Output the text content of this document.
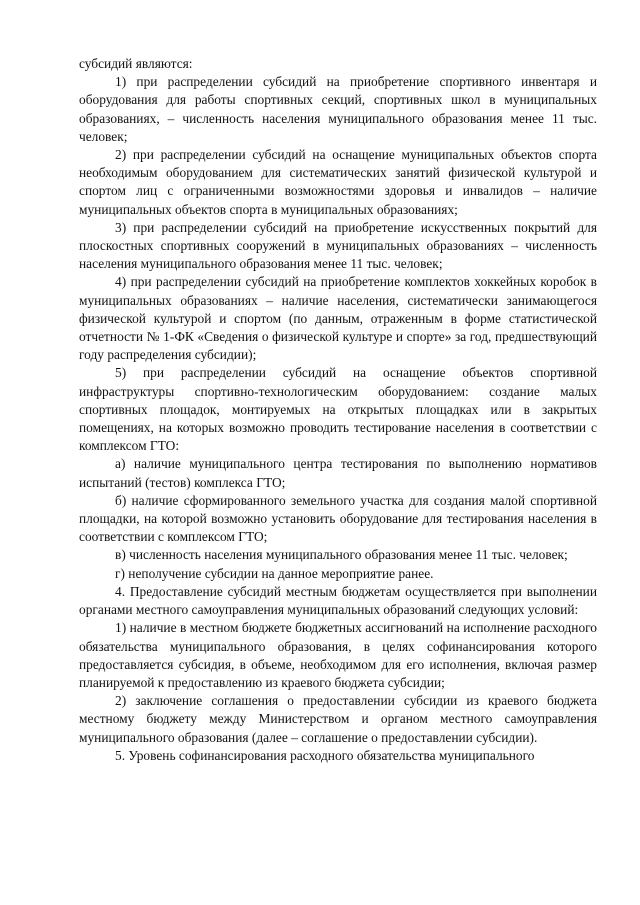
субсидий являются:

1) при распределении субсидий на приобретение спортивного инвентаря и оборудования для работы спортивных секций, спортивных школ в муниципальных образованиях, – численность населения муниципального образования менее 11 тыс. человек;

2) при распределении субсидий на оснащение муниципальных объектов спорта необходимым оборудованием для систематических занятий физической культурой и спортом лиц с ограниченными возможностями здоровья и инвалидов – наличие муниципальных объектов спорта в муниципальных образованиях;

3) при распределении субсидий на приобретение искусственных покрытий для плоскостных спортивных сооружений в муниципальных образованиях – численность населения муниципального образования менее 11 тыс. человек;

4) при распределении субсидий на приобретение комплектов хоккейных коробок в муниципальных образованиях – наличие населения, систематически занимающегося физической культурой и спортом (по данным, отраженным в форме статистической отчетности № 1-ФК «Сведения о физической культуре и спорте» за год, предшествующий году распределения субсидии);

5) при распределении субсидий на оснащение объектов спортивной инфраструктуры спортивно-технологическим оборудованием: создание малых спортивных площадок, монтируемых на открытых площадках или в закрытых помещениях, на которых возможно проводить тестирование населения в соответствии с комплексом ГТО:

а) наличие муниципального центра тестирования по выполнению нормативов испытаний (тестов) комплекса ГТО;

б) наличие сформированного земельного участка для создания малой спортивной площадки, на которой возможно установить оборудование для тестирования населения в соответствии с комплексом ГТО;

в) численность населения муниципального образования менее 11 тыс. человек;

г) неполучение субсидии на данное мероприятие ранее.

4. Предоставление субсидий местным бюджетам осуществляется при выполнении органами местного самоуправления муниципальных образований следующих условий:

1) наличие в местном бюджете бюджетных ассигнований на исполнение расходного обязательства муниципального образования, в целях софинансирования которого предоставляется субсидия, в объеме, необходимом для его исполнения, включая размер планируемой к предоставлению из краевого бюджета субсидии;

2) заключение соглашения о предоставлении субсидии из краевого бюджета местному бюджету между Министерством и органом местного самоуправления муниципального образования (далее – соглашение о предоставлении субсидии).

5. Уровень софинансирования расходного обязательства муниципального
